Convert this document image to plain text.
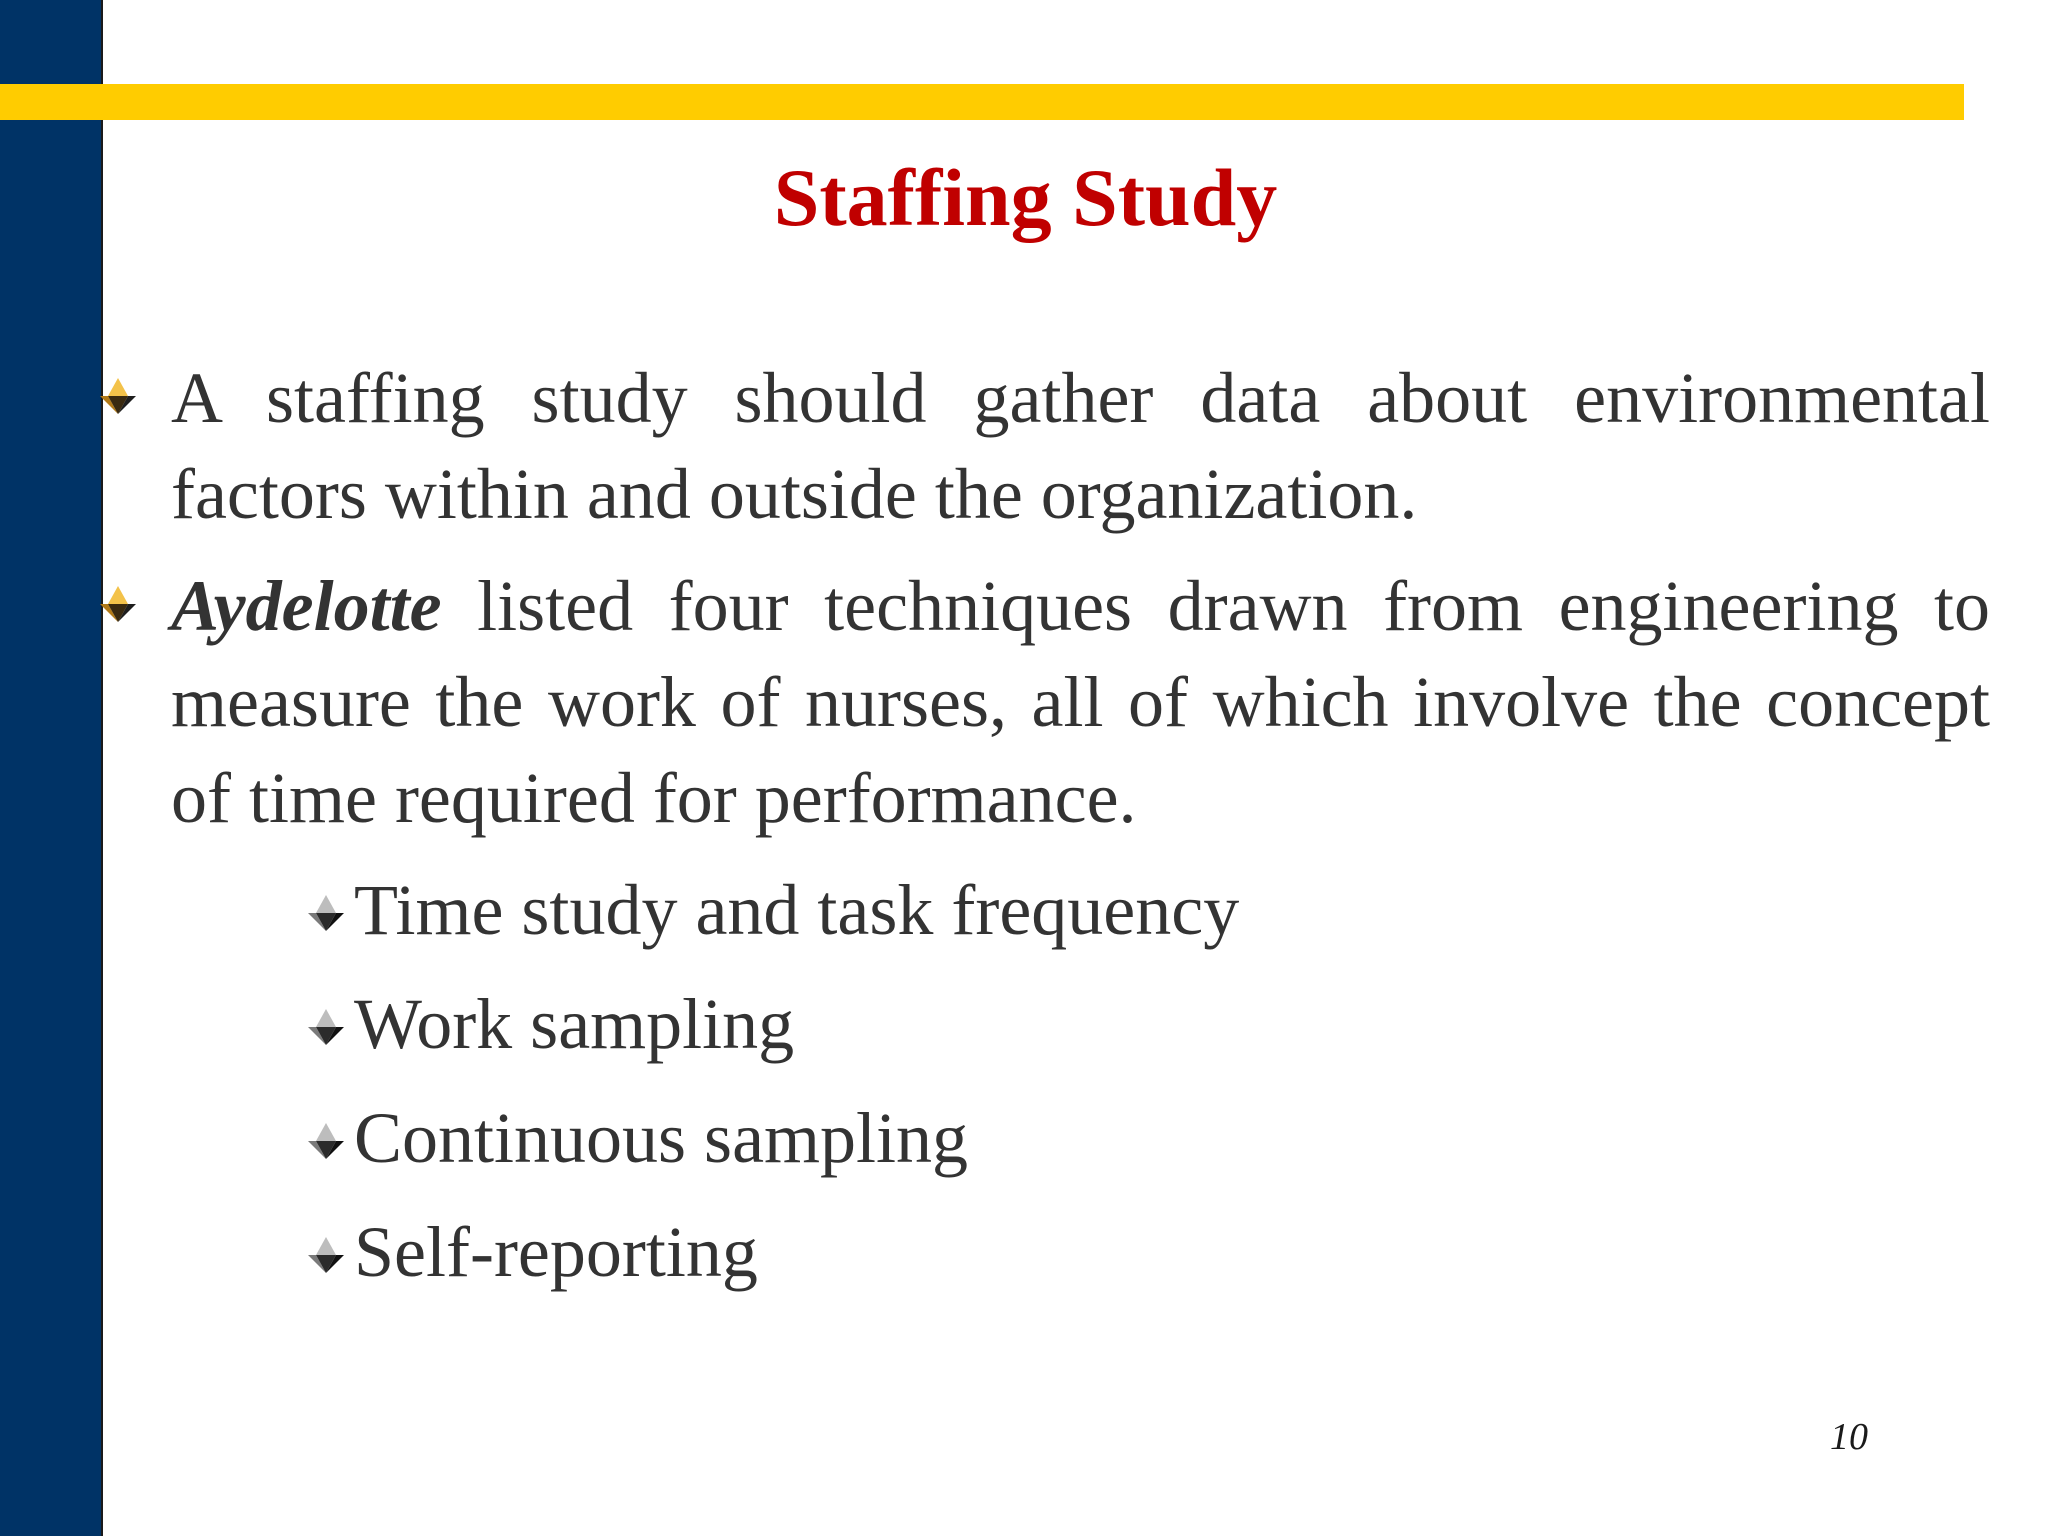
Staffing Study
A staffing study should gather data about environmental factors within and outside the organization.
Aydelotte listed four techniques drawn from engineering to measure the work of nurses, all of which involve the concept of time required for performance.
Time study and task frequency
Work sampling
Continuous sampling
Self-reporting
10
